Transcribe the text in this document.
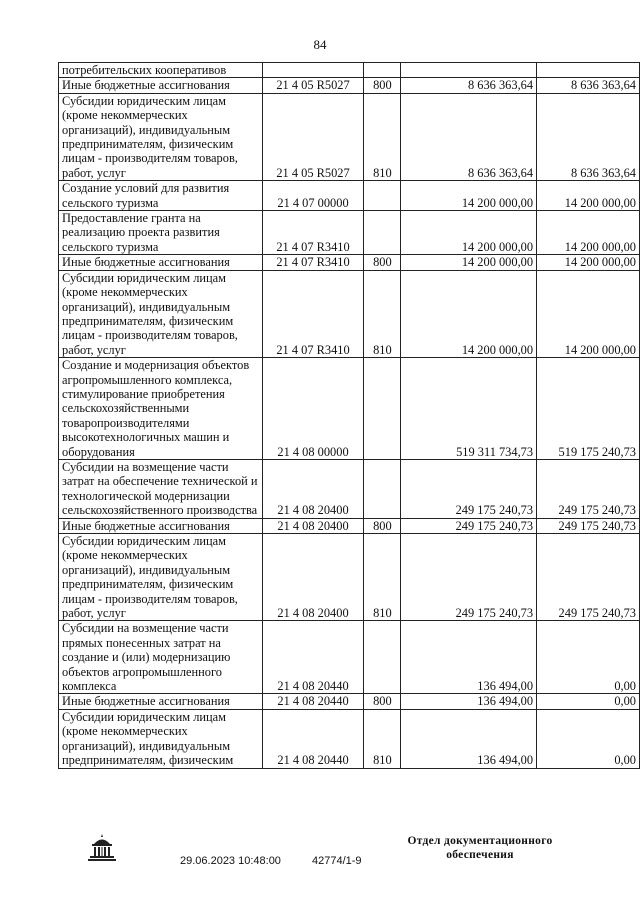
84
потребительских кооперативов				
Иные бюджетные ассигнования	21 4 05 R5027	800	8 636 363,64	8 636 363,64
Субсидии юридическим лицам (кроме некоммерческих организаций), индивидуальным предпринимателям, физическим лицам - производителям товаров, работ, услуг	21 4 05 R5027	810	8 636 363,64	8 636 363,64
Создание условий для развития сельского туризма	21 4 07 00000		14 200 000,00	14 200 000,00
Предоставление гранта на реализацию проекта развития сельского туризма	21 4 07 R3410		14 200 000,00	14 200 000,00
Иные бюджетные ассигнования	21 4 07 R3410	800	14 200 000,00	14 200 000,00
Субсидии юридическим лицам (кроме некоммерческих организаций), индивидуальным предпринимателям, физическим лицам - производителям товаров, работ, услуг	21 4 07 R3410	810	14 200 000,00	14 200 000,00
Создание и модернизация объектов агропромышленного комплекса, стимулирование приобретения сельскохозяйственными товаропроизводителями высокотехнологичных машин и оборудования	21 4 08 00000		519 311 734,73	519 175 240,73
Субсидии на возмещение части затрат на обеспечение технической и технологической модернизации сельскохозяйственного производства	21 4 08 20400		249 175 240,73	249 175 240,73
Иные бюджетные ассигнования	21 4 08 20400	800	249 175 240,73	249 175 240,73
Субсидии юридическим лицам (кроме некоммерческих организаций), индивидуальным предпринимателям, физическим лицам - производителям товаров, работ, услуг	21 4 08 20400	810	249 175 240,73	249 175 240,73
Субсидии на возмещение части прямых понесенных затрат на создание и (или) модернизацию объектов агропромышленного комплекса	21 4 08 20440		136 494,00	0,00
Иные бюджетные ассигнования	21 4 08 20440	800	136 494,00	0,00
Субсидии юридическим лицам (кроме некоммерческих организаций), индивидуальным предпринимателям, физическим	21 4 08 20440	810	136 494,00	0,00
Отдел документационного обеспечения
29.06.2023 10:48:00	42774/1-9
